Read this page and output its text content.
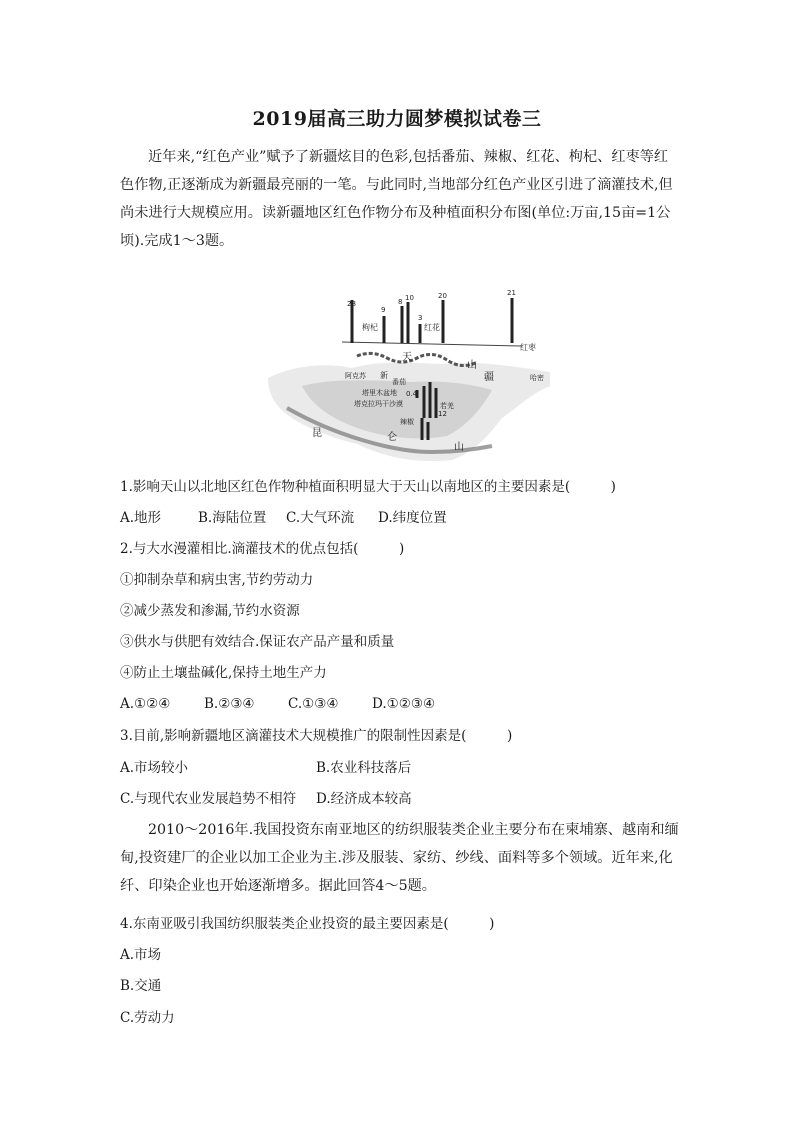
2019届高三助力圆梦模拟试卷三
近年来,“红色产业”赋予了新疆炫目的色彩,包括番茄、辣椒、红花、枸杞、红枣等红色作物,正逐渐成为新疆最亮丽的一笔。与此同时,当地部分红色产业区引进了滴灌技术,但尚未进行大规模应用。读新疆地区红色作物分布及种植面积分布图(单位:万亩,15亩=1公顷).完成1～3题。
28
9
8 10
3
20	21
枸杞	红花
红枣
天
山
疆
阿克苏 新
番茄	哈密
塔里木盆地
塔克拉玛干沙漠
0.4
12
若羌
辣椒
昆	仑
山
1.影响天山以北地区红色作物种植面积明显大于天山以南地区的主要因素是(　　　)
A.地形	B.海陆位置 C.大气环流 D.纬度位置
2.与大水漫灌相比.滴灌技术的优点包括(　　　)
①抑制杂草和病虫害,节约劳动力
②减少蒸发和渗漏,节约水资源
③供水与供肥有效结合.保证农产品产量和质量
④防止土壤盐碱化,保持土地生产力
A.①②④ B.②③④ C.①③④ D.①②③④
3.目前,影响新疆地区滴灌技术大规模推广的限制性因素是(　　　)
A.市场较小	B.农业科技落后
C.与现代农业发展趋势不相符 D.经济成本较高
2010～2016年.我国投资东南亚地区的纺织服装类企业主要分布在柬埔寨、越南和缅甸,投资建厂的企业以加工企业为主.涉及服装、家纺、纱线、面料等多个领域。近年来,化纤、印染企业也开始逐渐增多。据此回答4～5题。
4.东南亚吸引我国纺织服装类企业投资的最主要因素是(　　　)
A.市场
B.交通
C.劳动力
